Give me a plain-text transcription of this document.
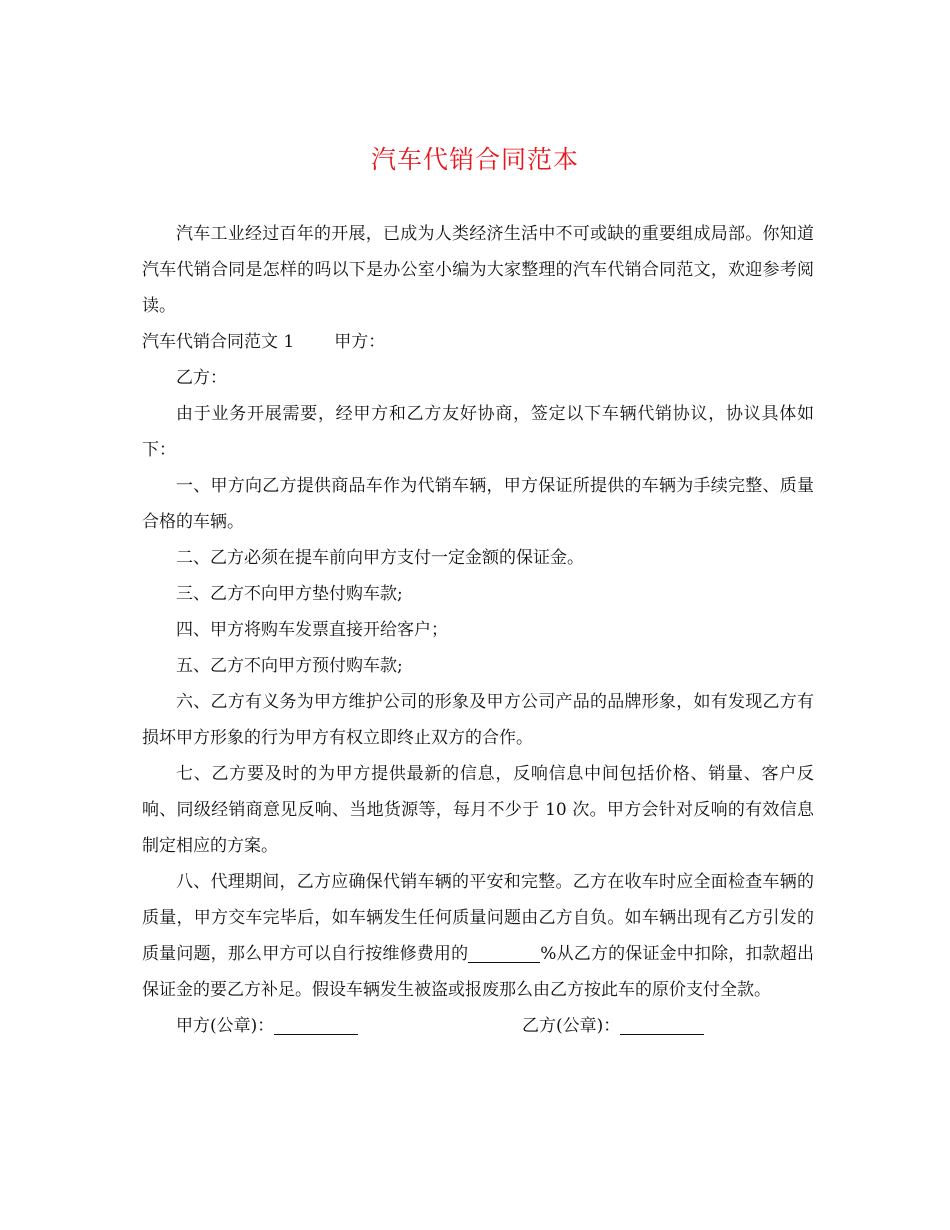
汽车代销合同范本

汽车工业经过百年的开展，已成为人类经济生活中不可或缺的重要组成局部。你知道汽车代销合同是怎样的吗以下是办公室小编为大家整理的汽车代销合同范文，欢迎参考阅读。

汽车代销合同范文 1 甲方：

乙方：

由于业务开展需要，经甲方和乙方友好协商，签定以下车辆代销协议，协议具体如下：

一、甲方向乙方提供商品车作为代销车辆，甲方保证所提供的车辆为手续完整、质量合格的车辆。

二、乙方必须在提车前向甲方支付一定金额的保证金。

三、乙方不向甲方垫付购车款;

四、甲方将购车发票直接开给客户；

五、乙方不向甲方预付购车款;

六、乙方有义务为甲方维护公司的形象及甲方公司产品的品牌形象，如有发现乙方有损坏甲方形象的行为甲方有权立即终止双方的合作。

七、乙方要及时的为甲方提供最新的信息，反响信息中间包括价格、销量、客户反响、同级经销商意见反响、当地货源等，每月不少于 10 次。甲方会针对反响的有效信息制定相应的方案。

八、代理期间，乙方应确保代销车辆的平安和完整。乙方在收车时应全面检查车辆的质量，甲方交车完毕后，如车辆发生任何质量问题由乙方自负。如车辆出现有乙方引发的质量问题，那么甲方可以自行按维修费用的	%从乙方的保证金中扣除，扣款超出保证金的要乙方补足。假设车辆发生被盗或报废那么由乙方按此车的原价支付全款。

甲方(公章)：	乙方(公章)：
